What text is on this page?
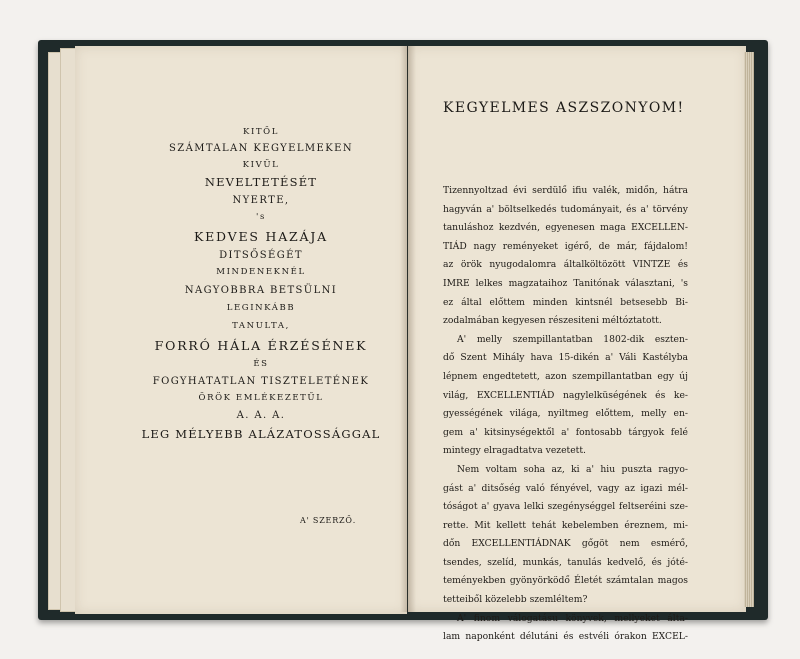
KITŐL
SZÁMTALAN KEGYELMEKEN
KIVÜL
NEVELTETÉSÉT
NYERTE,
's
KEDVES HAZÁJA
DITSŐSÉGÉT
MINDENEKNÉL
NAGYOBBRA BETSÜLNI
LEGINKÁBB
TANULTA,
FORRÓ HÁLA ÉRZÉSÉNEK
ÉS
FOGYHATATLAN TISZTELETÉNEK
ÖRÖK EMLÉKEZETŰL
A. A. A.
LEG MÉLYEBB ALÁZATOSSÁGGAL
A' SZERZŐ.
KEGYELMES ASZSZONYOM!
Tizennyoltzad évi serdülő ifiu valék, midőn, hátra
hagyván a' böltselkedés tudományait, és a' törvény
tanuláshoz kezdvén, egyenesen maga EXCELLEN-
TIÁD nagy reményeket igérő, de már, fájdalom!
az örök nyugodalomra általköltözött VINTZE és
IMRE lelkes magzataihoz Tanitónak választani, 's
ez által előttem minden kintsnél betsesebb Bi-
zodalmában kegyesen részesiteni méltóztatott.
A' melly szempillantatban 1802-dik eszten-
dő Szent Mihály hava 15-dikén a' Váli Kastélyba
lépnem engedtetett, azon szempillantatban egy új
világ, EXCELLENTIÁD nagylelküségének és ke-
gyességének világa, nyiltmeg előttem, melly en-
gem a' kitsinységektől a' fontosabb tárgyok felé
mintegy elragadtatva vezetett.
Nem voltam soha az, ki a' hiu puszta ragyo-
gást a' ditsőség való fényével, vagy az igazi mél-
tóságot a' gyava lelki szegénységgel feltseréini sze-
rette. Mit kellett tehát kebelemben éreznem, mi-
dőn EXCELLENTIÁDNAK gőgöt nem esmérő,
tsendes, szelíd, munkás, tanulás kedvelő, és jóté-
teményekben gyönyörködő Életét számtalan magos
tetteiből közelebb szemléltem?
A' finom válogatásu könyvek, mellyeket álta-
lam naponként délutáni és estvéli órakon EXCEL-
